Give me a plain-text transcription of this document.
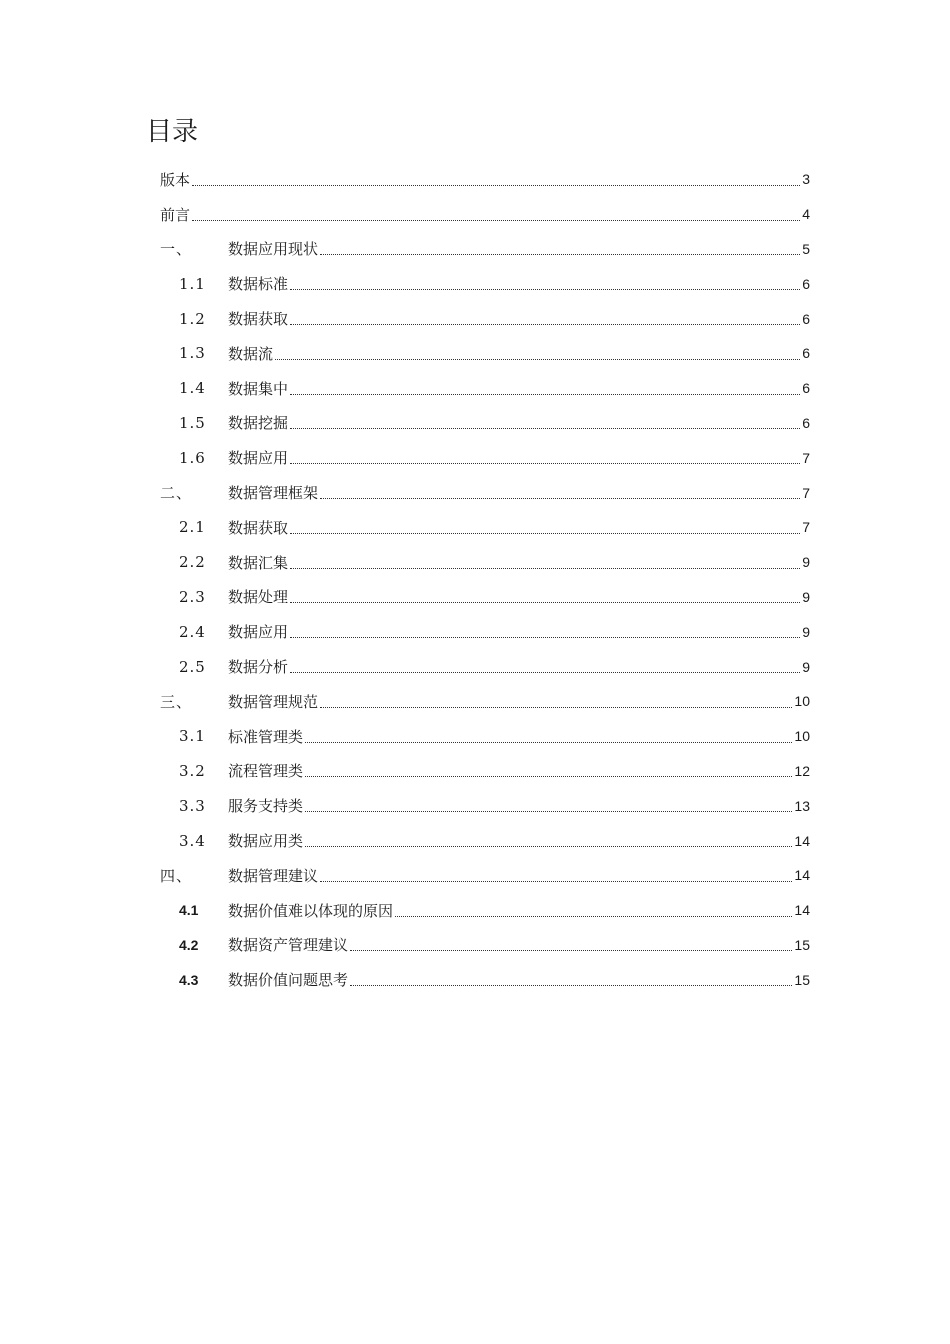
目录
版本	3
前言	4
一、	数据应用现状	5
1.1	数据标准	6
1.2	数据获取	6
1.3	数据流	6
1.4	数据集中	6
1.5	数据挖掘	6
1.6	数据应用	7
二、	数据管理框架	7
2.1	数据获取	7
2.2	数据汇集	9
2.3	数据处理	9
2.4	数据应用	9
2.5	数据分析	9
三、	数据管理规范	10
3.1	标准管理类	10
3.2	流程管理类	12
3.3	服务支持类	13
3.4	数据应用类	14
四、	数据管理建议	14
4.1	数据价值难以体现的原因	14
4.2	数据资产管理建议	15
4.3	数据价值问题思考	15
